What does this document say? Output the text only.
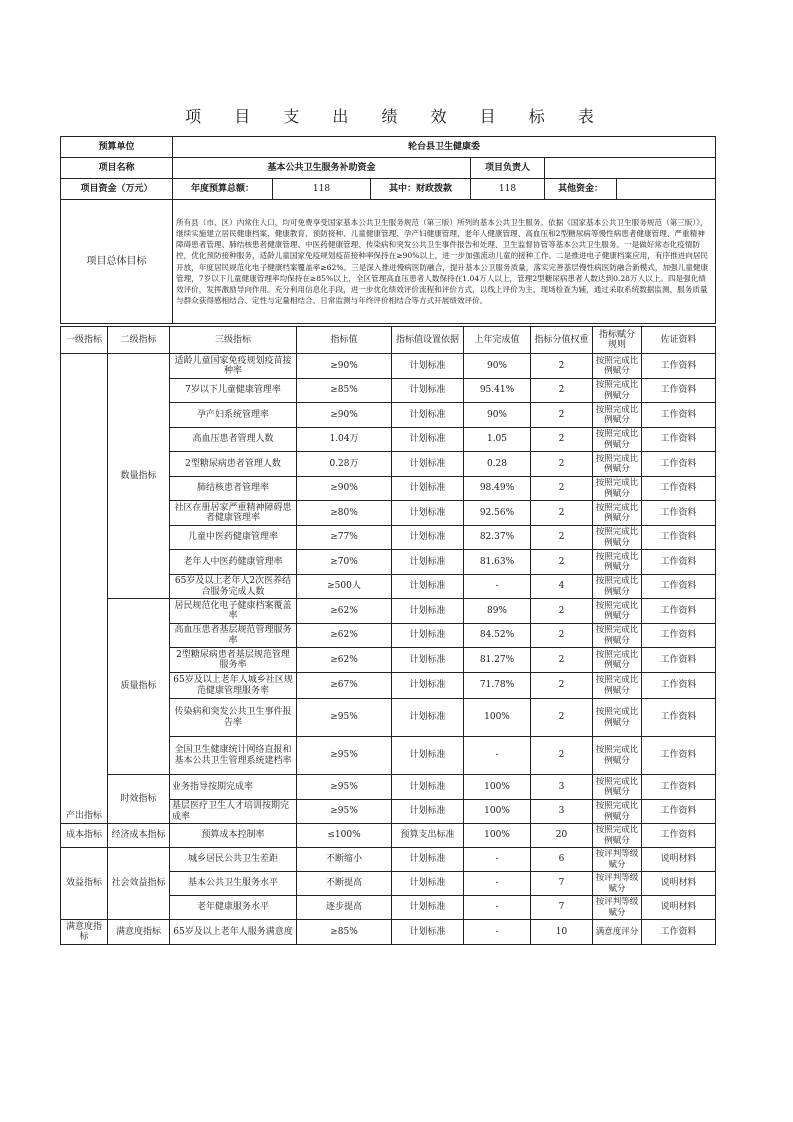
项 目 支 出 绩 效 目 标 表
预算单位	轮台县卫生健康委					
项目名称	基本公共卫生服务补助资金			项目负责人		
项目资金（万元）	年度预算总额：	118	其中：财政拨款	118	其他资金：	
项目总体目标	所有县（市、区）内常住人口，均可免费享受国家基本公共卫生服务规范（第三版）所列的基本公共卫生服务。依据《国家基本公共卫生服务规范（第三版）》，继续实施建立居民健康档案、健康教育、预防接种、儿童健康管理、孕产妇健康管理、老年人健康管理、高血压和2型糖尿病等慢性病患者健康管理、严重精神障碍患者管理、肺结核患者健康管理、中医药健康管理、传染病和突发公共卫生事件报告和处理、卫生监督协管等基本公共卫生服务。一是做好常态化疫情防控，优化预防接种服务，适龄儿童国家免疫规划疫苗接种率保持在≥90%以上，进一步加强流动儿童的接种工作。二是推进电子健康档案应用，有序推进向居民开放，年度居民规范化电子健康档案覆盖率≥62%。三是深入推进慢病医防融合，提升基本公卫服务质量，落实完善基层慢性病医防融合新模式，加强儿童健康管理，7岁以下儿童健康管理率均保持在≥85%以上，全区管理高血压患者人数保持在1.04万人以上，管理2型糖尿病患者人数达到0.28万人以上。四是强化绩效评价，发挥激励导向作用。充分利用信息化手段，进一步优化绩效评价流程和评价方式，以线上评价为主、现场检查为辅，通过采取系统数据监测，服务质量与群众获得感相结合、定性与定量相结合、日常监测与年终评价相结合等方式开展绩效评价。					
一级指标	二级指标	三级指标	指标值	指标值设置依据	上年完成值	指标分值权重	指标赋分规则	佐证资料
产出指标	数量指标	适龄儿童国家免疫规划疫苗接种率	≥90%	计划标准	90%	2	按照完成比例赋分	工作资料
		7岁以下儿童健康管理率	≥85%	计划标准	95.41%	2	按照完成比例赋分	工作资料
		孕产妇系统管理率	≥90%	计划标准	90%	2	按照完成比例赋分	工作资料
		高血压患者管理人数	1.04万	计划标准	1.05	2	按照完成比例赋分	工作资料
		2型糖尿病患者管理人数	0.28万	计划标准	0.28	2	按照完成比例赋分	工作资料
		肺结核患者管理率	≥90%	计划标准	98.49%	2	按照完成比例赋分	工作资料
		社区在册居家严重精神障碍患者健康管理率	≥80%	计划标准	92.56%	2	按照完成比例赋分	工作资料
		儿童中医药健康管理率	≥77%	计划标准	82.37%	2	按照完成比例赋分	工作资料
		老年人中医药健康管理率	≥70%	计划标准	81.63%	2	按照完成比例赋分	工作资料
		65岁及以上老年人2次医养结合服务完成人数	≥500人	计划标准	-	4	按照完成比例赋分	工作资料
	质量指标	居民规范化电子健康档案覆盖率	≥62%	计划标准	89%	2	按照完成比例赋分	工作资料
		高血压患者基层规范管理服务率	≥62%	计划标准	84.52%	2	按照完成比例赋分	工作资料
		2型糖尿病患者基层规范管理服务率	≥62%	计划标准	81.27%	2	按照完成比例赋分	工作资料
		65岁及以上老年人城乡社区规范健康管理服务率	≥67%	计划标准	71.78%	2	按照完成比例赋分	工作资料
		传染病和突发公共卫生事件报告率	≥95%	计划标准	100%	2	按照完成比例赋分	工作资料
		全国卫生健康统计网络直报和基本公共卫生管理系统建档率	≥95%	计划标准	-	2	按照完成比例赋分	工作资料
	时效指标	业务指导按期完成率	≥95%	计划标准	100%	3	按照完成比例赋分	工作资料
		基层医疗卫生人才培训按期完成率	≥95%	计划标准	100%	3	按照完成比例赋分	工作资料
成本指标	经济成本指标	预算成本控制率	≤100%	预算支出标准	100%	20	按照完成比例赋分	工作资料
效益指标	社会效益指标	城乡居民公共卫生差距	不断缩小	计划标准	-	6	按评判等级赋分	说明材料
		基本公共卫生服务水平	不断提高	计划标准	-	7	按评判等级赋分	说明材料
		老年健康服务水平	逐步提高	计划标准	-	7	按评判等级赋分	说明材料
满意度指标	满意度指标	65岁及以上老年人服务满意度	≥85%	计划标准	-	10	满意度评分	工作资料
